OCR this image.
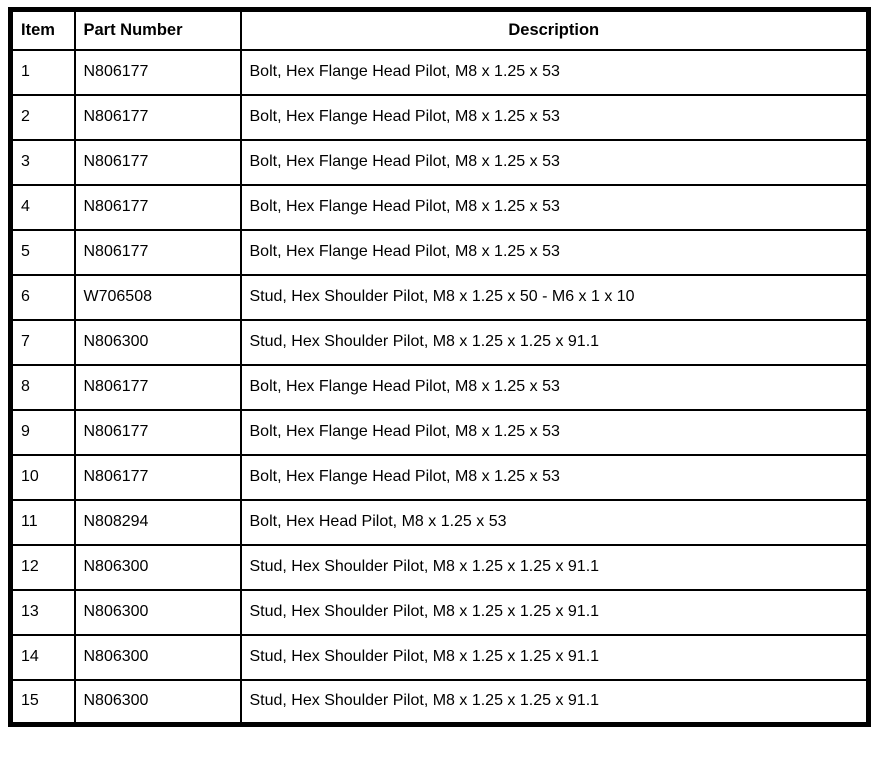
Item	Part Number	Description
1	N806177	Bolt, Hex Flange Head Pilot, M8 x 1.25 x 53
2	N806177	Bolt, Hex Flange Head Pilot, M8 x 1.25 x 53
3	N806177	Bolt, Hex Flange Head Pilot, M8 x 1.25 x 53
4	N806177	Bolt, Hex Flange Head Pilot, M8 x 1.25 x 53
5	N806177	Bolt, Hex Flange Head Pilot, M8 x 1.25 x 53
6	W706508	Stud, Hex Shoulder Pilot, M8 x 1.25 x 50 - M6 x 1 x 10
7	N806300	Stud, Hex Shoulder Pilot, M8 x 1.25 x 1.25 x 91.1
8	N806177	Bolt, Hex Flange Head Pilot, M8 x 1.25 x 53
9	N806177	Bolt, Hex Flange Head Pilot, M8 x 1.25 x 53
10	N806177	Bolt, Hex Flange Head Pilot, M8 x 1.25 x 53
11	N808294	Bolt, Hex Head Pilot, M8 x 1.25 x 53
12	N806300	Stud, Hex Shoulder Pilot, M8 x 1.25 x 1.25 x 91.1
13	N806300	Stud, Hex Shoulder Pilot, M8 x 1.25 x 1.25 x 91.1
14	N806300	Stud, Hex Shoulder Pilot, M8 x 1.25 x 1.25 x 91.1
15	N806300	Stud, Hex Shoulder Pilot, M8 x 1.25 x 1.25 x 91.1
